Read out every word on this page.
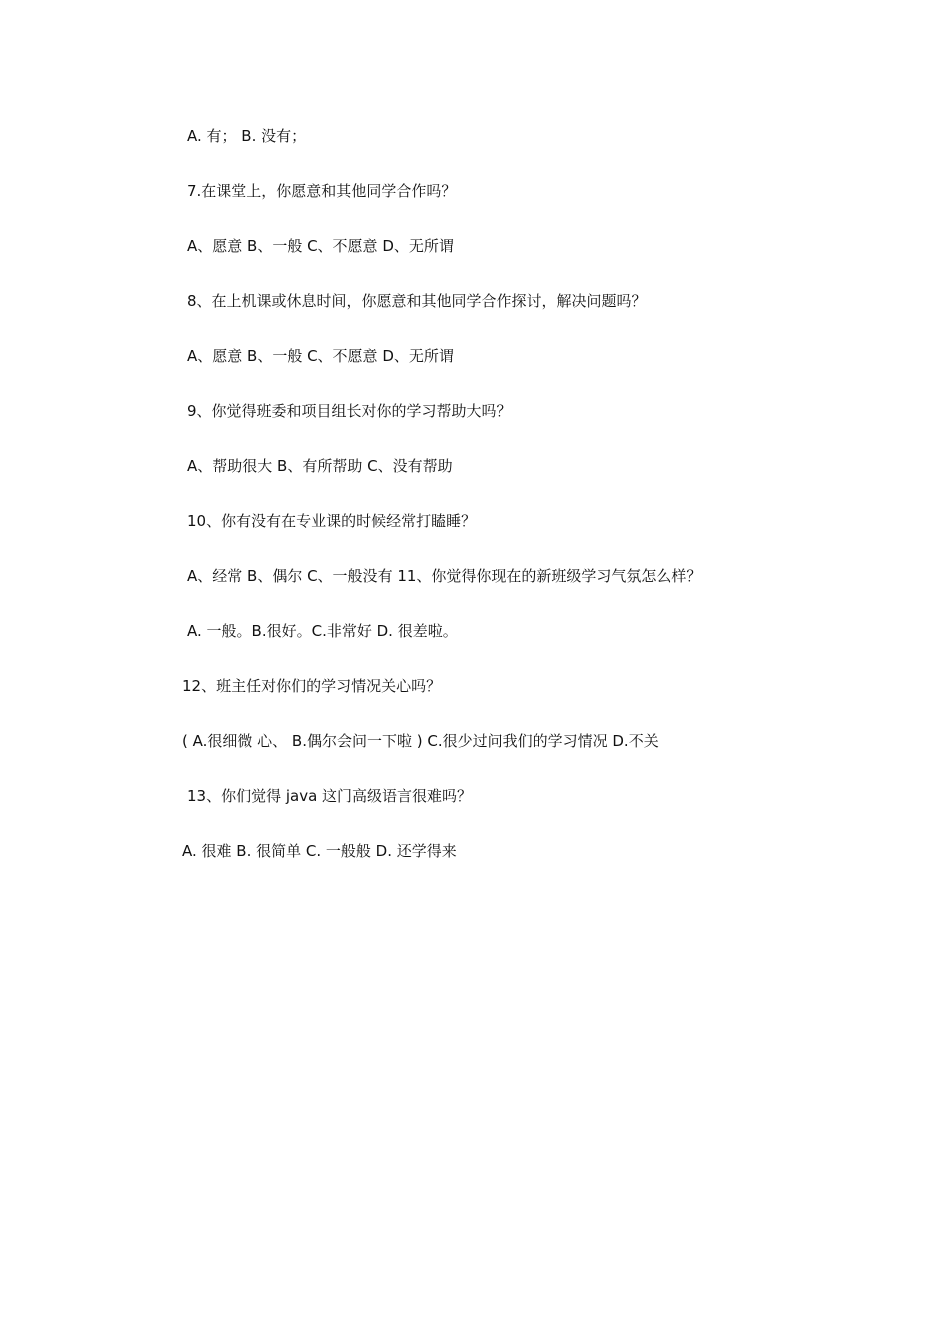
A. 有； B. 没有；
7.在课堂上，你愿意和其他同学合作吗？
A、愿意 B、一般 C、不愿意 D、无所谓
8、在上机课或休息时间，你愿意和其他同学合作探讨，解决问题吗？
A、愿意 B、一般 C、不愿意 D、无所谓
9、你觉得班委和项目组长对你的学习帮助大吗？
A、帮助很大 B、有所帮助 C、没有帮助
10、你有没有在专业课的时候经常打瞌睡？
A、经常 B、偶尔 C、一般没有 11、你觉得你现在的新班级学习气氛怎么样？
A. 一般。B.很好。C.非常好 D. 很差啦。
12、班主任对你们的学习情况关心吗？
( A.很细微 心、 B.偶尔会问一下啦 ) C.很少过问我们的学习情况 D.不关
13、你们觉得 java 这门高级语言很难吗？
A. 很难 B. 很简单 C. 一般般 D. 还学得来
